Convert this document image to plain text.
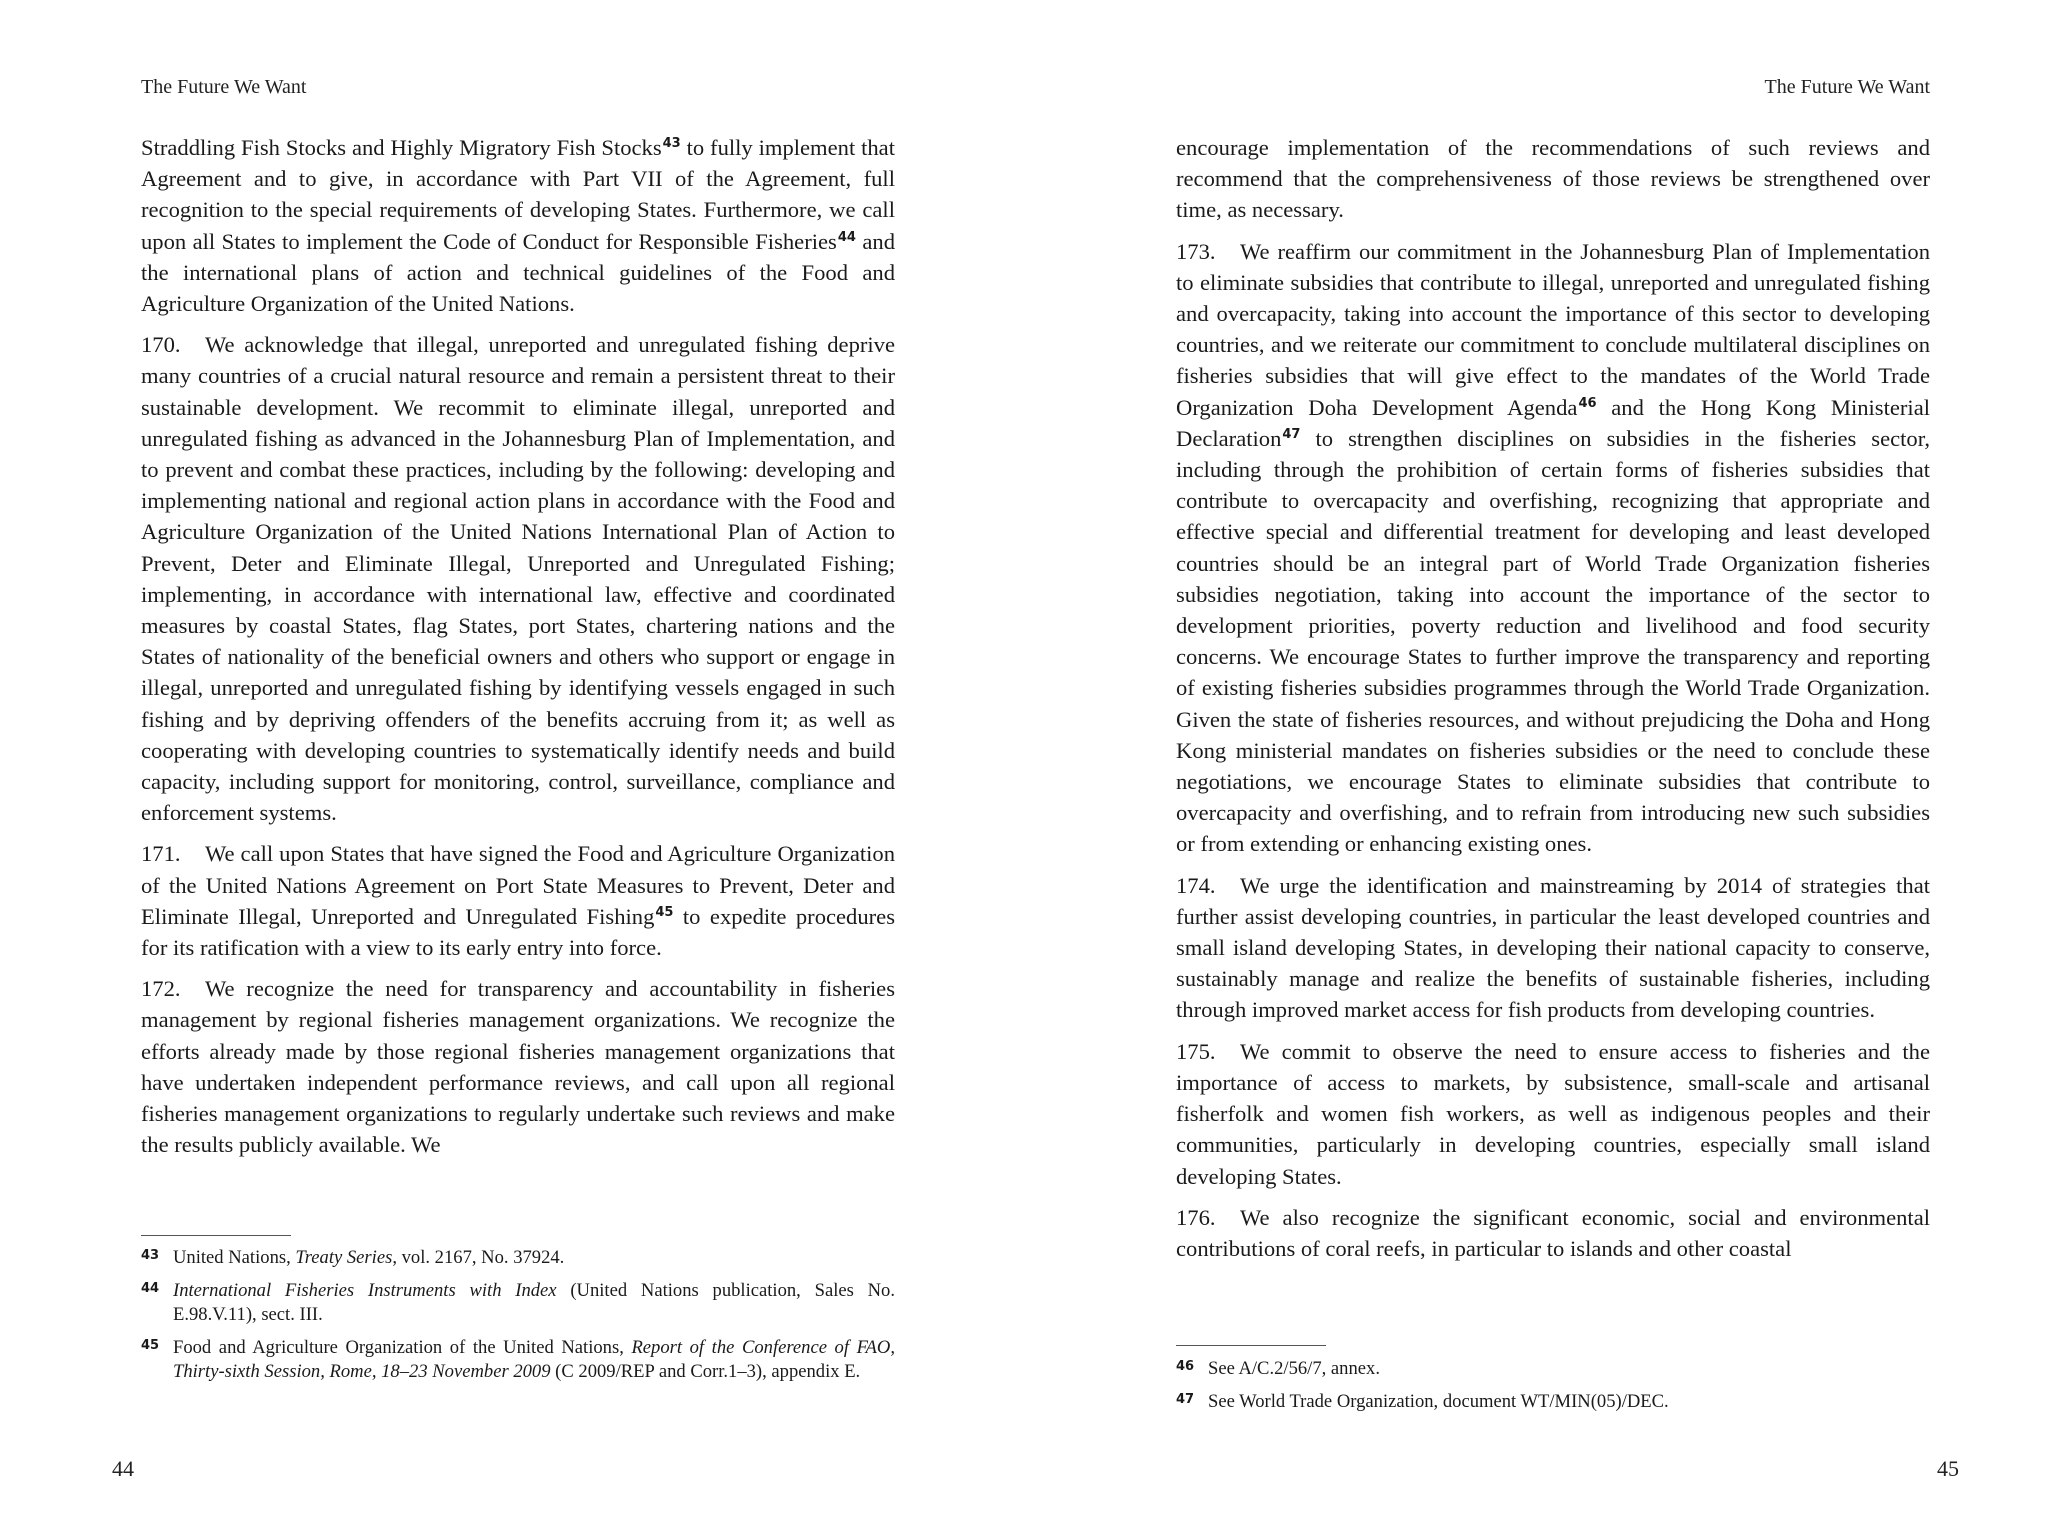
The Future We Want

Straddling Fish Stocks and Highly Migratory Fish Stocks$^{43}$ to fully implement that Agreement and to give, in accordance with Part VII of the Agreement, full recognition to the special requirements of developing States. Furthermore, we call upon all States to implement the Code of Conduct for Responsible Fisheries$^{44}$ and the international plans of action and technical guidelines of the Food and Agriculture Organization of the United Nations.

170. We acknowledge that illegal, unreported and unregulated fishing deprive many countries of a crucial natural resource and remain a persistent threat to their sustainable development. We recommit to eliminate illegal, unreported and unregulated fishing as advanced in the Johannesburg Plan of Implementation, and to prevent and combat these practices, including by the following: developing and implementing national and regional action plans in accordance with the Food and Agriculture Organization of the United Nations International Plan of Action to Prevent, Deter and Eliminate Illegal, Unreported and Unregulated Fishing; implementing, in accordance with international law, effective and coordinated measures by coastal States, flag States, port States, chartering nations and the States of nationality of the beneficial owners and others who support or engage in illegal, unreported and unregulated fishing by identifying vessels engaged in such fishing and by depriving offenders of the benefits accruing from it; as well as cooperating with developing countries to systematically identify needs and build capacity, including support for monitoring, control, surveillance, compliance and enforcement systems.

171. We call upon States that have signed the Food and Agriculture Organization of the United Nations Agreement on Port State Measures to Prevent, Deter and Eliminate Illegal, Unreported and Unregulated Fishing$^{45}$ to expedite procedures for its ratification with a view to its early entry into force.

172. We recognize the need for transparency and accountability in fisheries management by regional fisheries management organizations. We recognize the efforts already made by those regional fisheries management organizations that have undertaken independent performance reviews, and call upon all regional fisheries management organizations to regularly undertake such reviews and make the results publicly available. We

43 United Nations, Treaty Series, vol. 2167, No. 37924.
44 International Fisheries Instruments with Index (United Nations publication, Sales No. E.98.V.11), sect. III.
45 Food and Agriculture Organization of the United Nations, Report of the Conference of FAO, Thirty-sixth Session, Rome, 18–23 November 2009 (C 2009/REP and Corr.1–3), appendix E.
44
The Future We Want

encourage implementation of the recommendations of such reviews and recommend that the comprehensiveness of those reviews be strengthened over time, as necessary.

173. We reaffirm our commitment in the Johannesburg Plan of Implementation to eliminate subsidies that contribute to illegal, unreported and unregulated fishing and overcapacity, taking into account the importance of this sector to developing countries, and we reiterate our commitment to conclude multilateral disciplines on fisheries subsidies that will give effect to the mandates of the World Trade Organization Doha Development Agenda$^{46}$ and the Hong Kong Ministerial Declaration$^{47}$ to strengthen disciplines on subsidies in the fisheries sector, including through the prohibition of certain forms of fisheries subsidies that contribute to overcapacity and overfishing, recognizing that appropriate and effective special and differential treatment for developing and least developed countries should be an integral part of World Trade Organization fisheries subsidies negotiation, taking into account the importance of the sector to development priorities, poverty reduction and livelihood and food security concerns. We encourage States to further improve the transparency and reporting of existing fisheries subsidies programmes through the World Trade Organization. Given the state of fisheries resources, and without prejudicing the Doha and Hong Kong ministerial mandates on fisheries subsidies or the need to conclude these negotiations, we encourage States to eliminate subsidies that contribute to overcapacity and overfishing, and to refrain from introducing new such subsidies or from extending or enhancing existing ones.

174. We urge the identification and mainstreaming by 2014 of strategies that further assist developing countries, in particular the least developed countries and small island developing States, in developing their national capacity to conserve, sustainably manage and realize the benefits of sustainable fisheries, including through improved market access for fish products from developing countries.

175. We commit to observe the need to ensure access to fisheries and the importance of access to markets, by subsistence, small-scale and artisanal fisherfolk and women fish workers, as well as indigenous peoples and their communities, particularly in developing countries, especially small island developing States.

176. We also recognize the significant economic, social and environmental contributions of coral reefs, in particular to islands and other coastal

46 See A/C.2/56/7, annex.
47 See World Trade Organization, document WT/MIN(05)/DEC.
45
